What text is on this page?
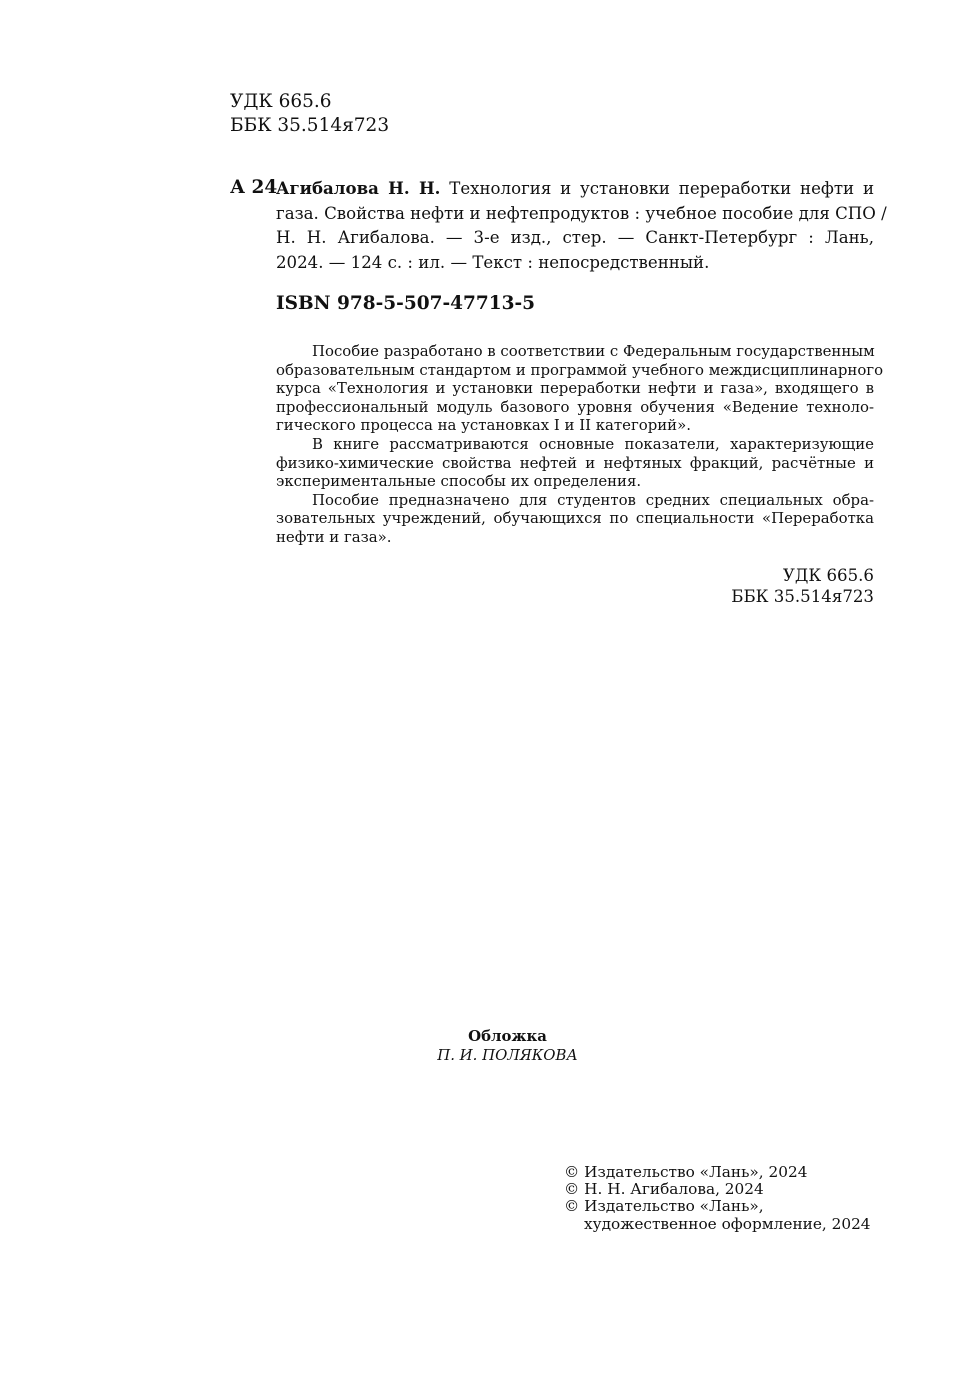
УДК 665.6
ББК 35.514я723
А 24
Агибалова Н. Н. Технология и установки переработки нефти и
газа. Свойства нефти и нефтепродуктов : учебное пособие для СПО /
Н. Н. Агибалова. — 3-е изд., стер. — Санкт-Петербург : Лань,
2024. — 124 с. : ил. — Текст : непосредственный.
ISBN 978-5-507-47713-5
Пособие разработано в соответствии с Федеральным государственным
образовательным стандартом и программой учебного междисциплинарного
курса «Технология и установки переработки нефти и газа», входящего в
профессиональный модуль базового уровня обучения «Ведение техноло-
гического процесса на установках I и II категорий».
В книге рассматриваются основные показатели, характеризующие
физико-химические свойства нефтей и нефтяных фракций, расчётные и
экспериментальные способы их определения.
Пособие предназначено для студентов средних специальных обра-
зовательных учреждений, обучающихся по специальности «Переработка
нефти и газа».
УДК 665.6
ББК 35.514я723
Обложка
П. И. ПОЛЯКОВА
© Издательство «Лань», 2024
© Н. Н. Агибалова, 2024
© Издательство «Лань»,
художественное оформление, 2024
